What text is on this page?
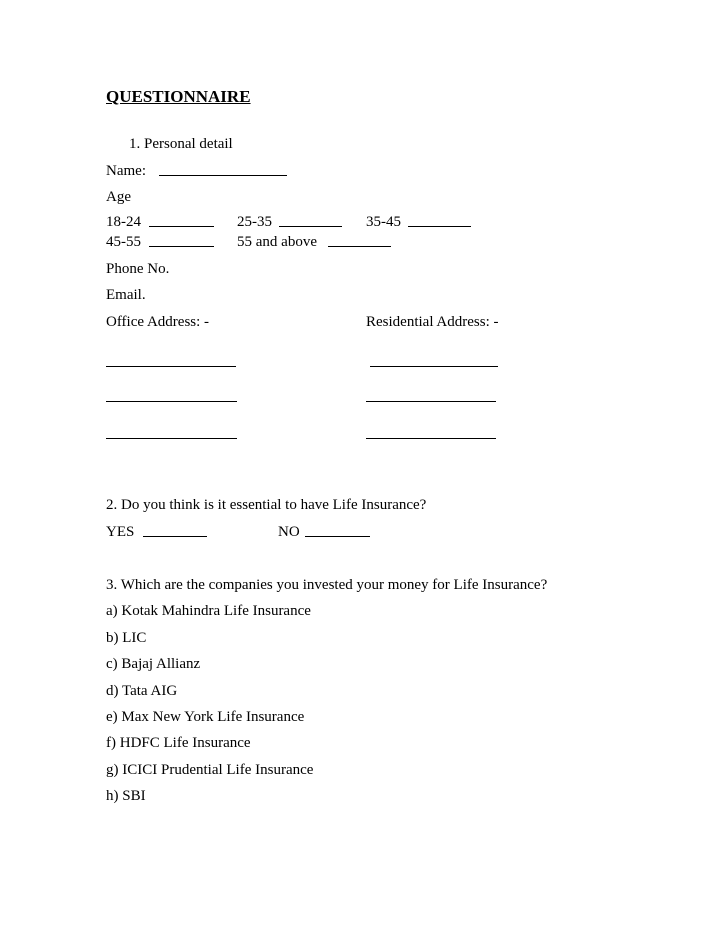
QUESTIONNAIRE
1. Personal detail
Name:
Age
18-24	25-35	35-45
45-55	55 and above
Phone No.
Email.
Office Address: -	Residential Address: -
2. Do you think is it essential to have Life Insurance?
YES	NO
3. Which are the companies you invested your money for Life Insurance?
a) Kotak Mahindra Life Insurance
b) LIC
c) Bajaj Allianz
d) Tata AIG
e) Max New York Life Insurance
f) HDFC Life Insurance
g) ICICI Prudential Life Insurance
h) SBI
